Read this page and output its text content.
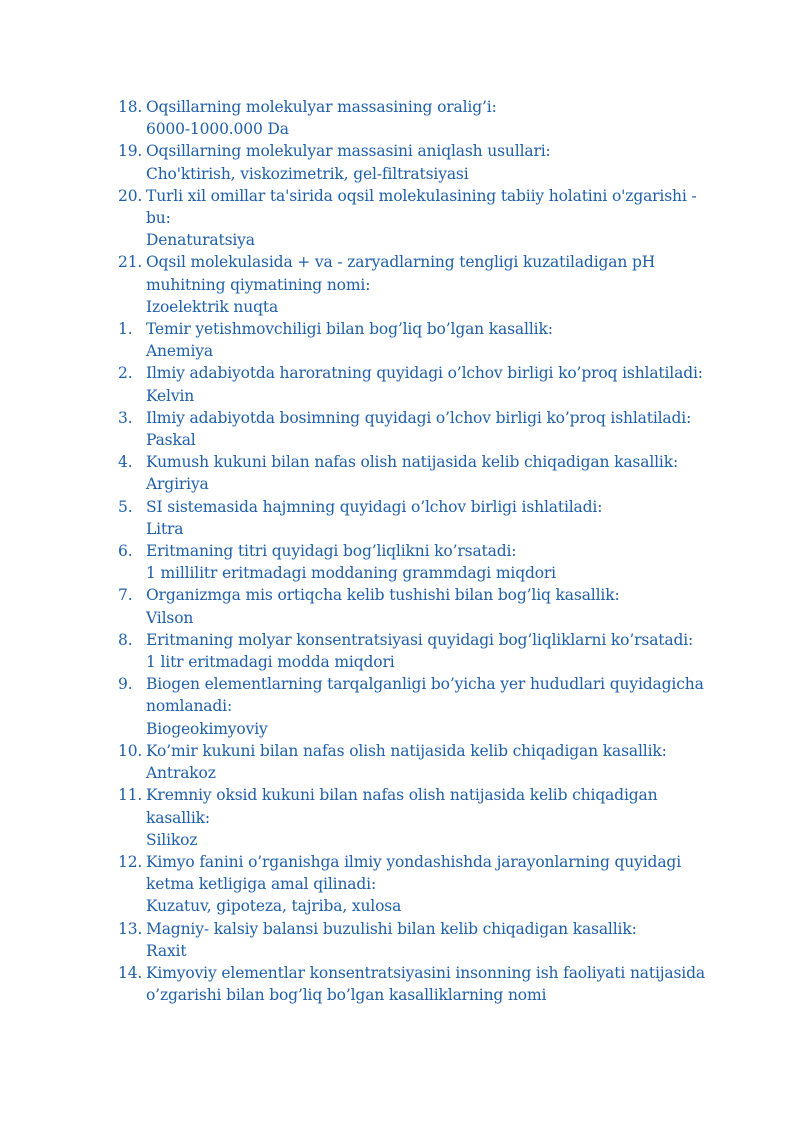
18. Oqsillarning molekulyar massasining oralig’i:
6000-1000.000 Da
19. Oqsillarning molekulyar massasini aniqlash usullari:
Cho'ktirish, viskozimetrik, gel-filtratsiyasi
20. Turli xil omillar ta'sirida oqsil molekulasining tabiiy holatini o'zgarishi - bu:
Denaturatsiya
21. Oqsil molekulasida + va - zaryadlarning tengligi kuzatiladigan pH muhitning qiymatining nomi:
Izoelektrik nuqta
1. Temir yetishmovchiligi bilan bog’liq bo’lgan kasallik:
Anemiya
2. Ilmiy adabiyotda haroratning quyidagi o’lchov birligi ko’proq ishlatiladi:
Kelvin
3. Ilmiy adabiyotda bosimning quyidagi o’lchov birligi ko’proq ishlatiladi:
Paskal
4. Kumush kukuni bilan nafas olish natijasida kelib chiqadigan kasallik:
Argiriya
5. SI sistemasida hajmning quyidagi o’lchov birligi ishlatiladi:
Litra
6. Eritmaning titri quyidagi bog’liqlikni ko’rsatadi:
1 millilitr eritmadagi moddaning grammdagi miqdori
7. Organizmga mis ortiqcha kelib tushishi bilan bog’liq kasallik:
Vilson
8. Eritmaning molyar konsentratsiyasi quyidagi bog’liqliklarni ko’rsatadi:
1 litr eritmadagi modda miqdori
9. Biogen elementlarning tarqalganligi bo’yicha yer hududlari quyidagicha nomlanadi:
Biogeokimyoviy
10. Ko’mir kukuni bilan nafas olish natijasida kelib chiqadigan kasallik:
Antrakoz
11. Kremniy oksid kukuni bilan nafas olish natijasida kelib chiqadigan kasallik:
Silikoz
12. Kimyo fanini o’rganishga ilmiy yondashishda jarayonlarning quyidagi ketma ketligiga amal qilinadi:
Kuzatuv, gipoteza, tajriba, xulosa
13. Magniy- kalsiy balansi buzulishi bilan kelib chiqadigan kasallik:
Raxit
14. Kimyoviy elementlar konsentratsiyasini insonning ish faoliyati natijasida o’zgarishi bilan bog’liq bo’lgan kasalliklarning nomi
